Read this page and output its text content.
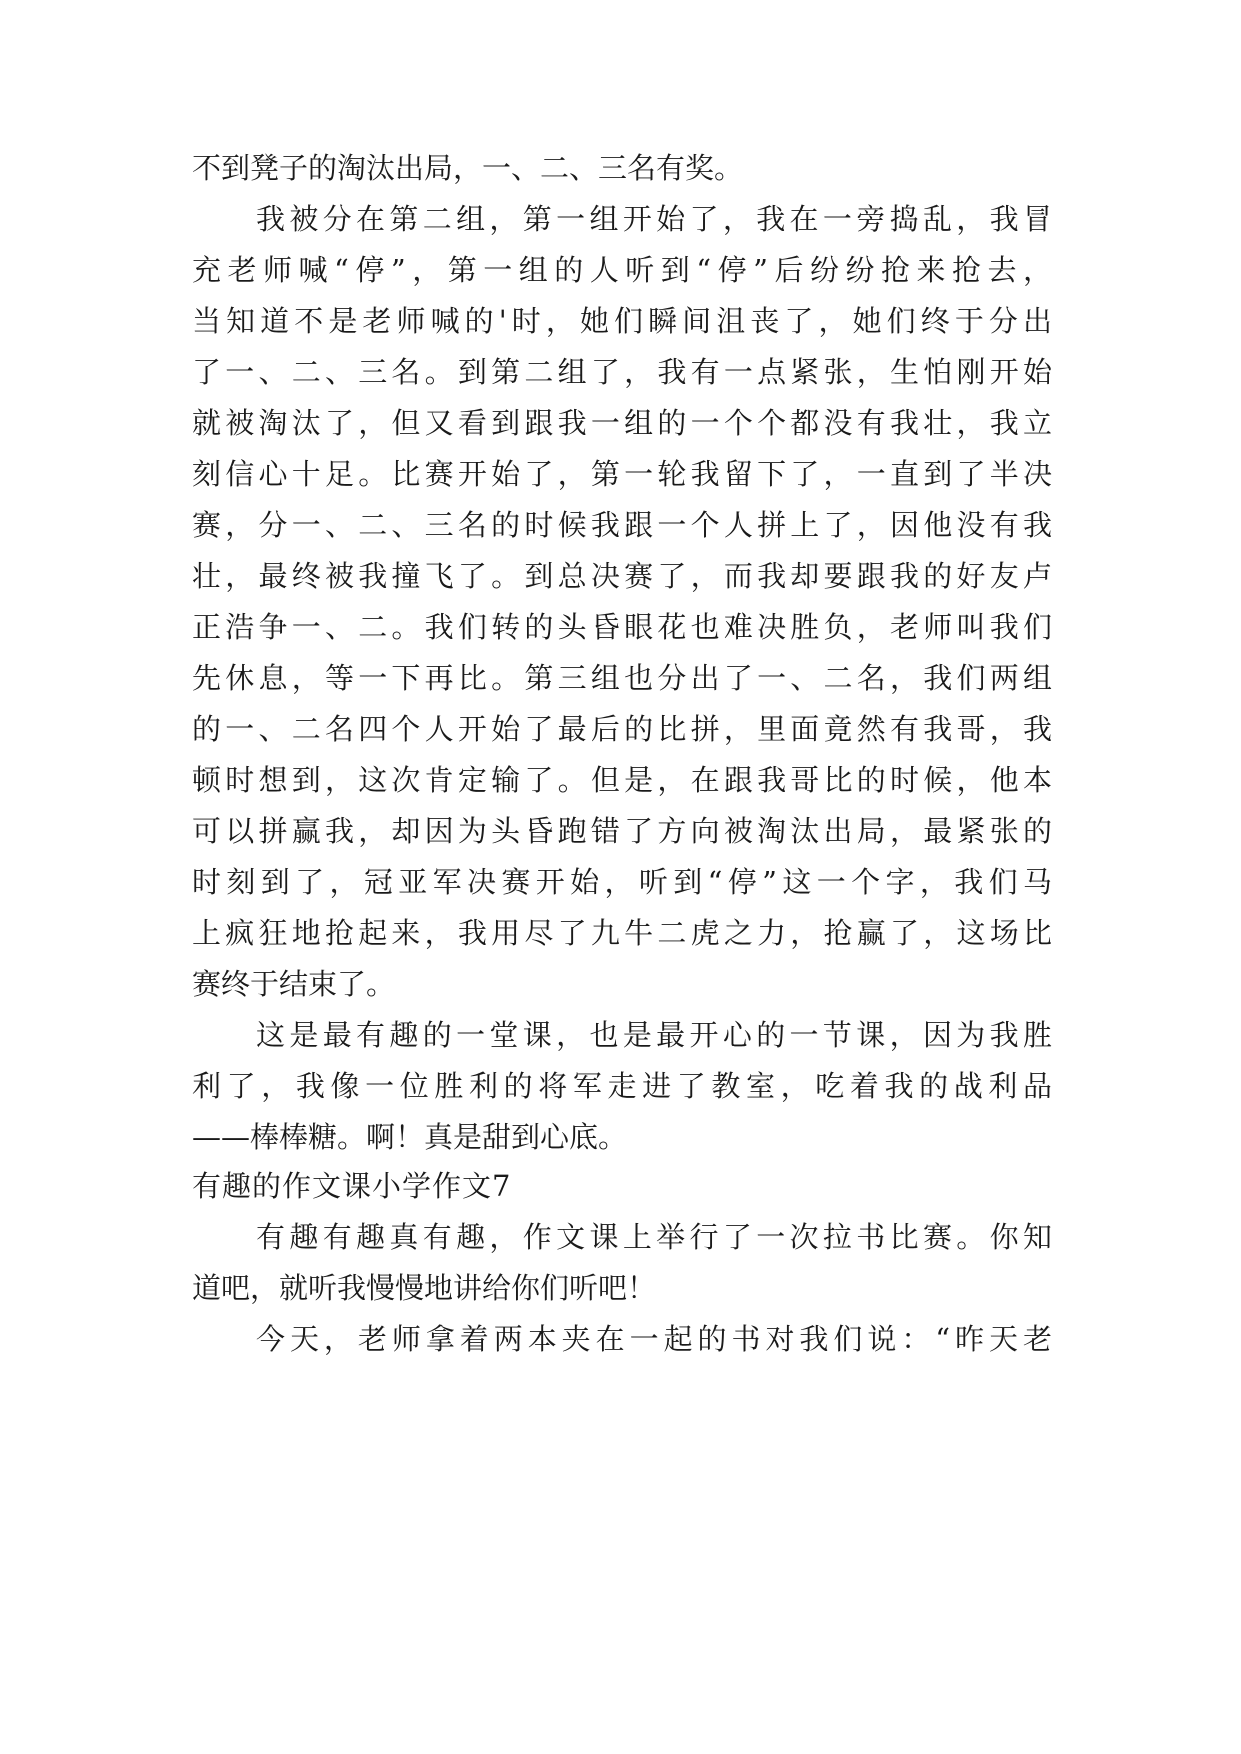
不到凳子的淘汰出局，一、二、三名有奖。
我被分在第二组，第一组开始了，我在一旁捣乱，我冒
充老师喊“停”，第一组的人听到“停”后纷纷抢来抢去，
当知道不是老师喊的'时，她们瞬间沮丧了，她们终于分出
了一、二、三名。到第二组了，我有一点紧张，生怕刚开始
就被淘汰了，但又看到跟我一组的一个个都没有我壮，我立
刻信心十足。比赛开始了，第一轮我留下了，一直到了半决
赛，分一、二、三名的时候我跟一个人拼上了，因他没有我
壮，最终被我撞飞了。到总决赛了，而我却要跟我的好友卢
正浩争一、二。我们转的头昏眼花也难决胜负，老师叫我们
先休息，等一下再比。第三组也分出了一、二名，我们两组
的一、二名四个人开始了最后的比拼，里面竟然有我哥，我
顿时想到，这次肯定输了。但是，在跟我哥比的时候，他本
可以拼赢我，却因为头昏跑错了方向被淘汰出局，最紧张的
时刻到了，冠亚军决赛开始，听到“停”这一个字，我们马
上疯狂地抢起来，我用尽了九牛二虎之力，抢赢了，这场比
赛终于结束了。
这是最有趣的一堂课，也是最开心的一节课，因为我胜
利了，我像一位胜利的将军走进了教室，吃着我的战利品
——棒棒糖。啊！真是甜到心底。
有趣的作文课小学作文7
有趣有趣真有趣，作文课上举行了一次拉书比赛。你知
道吧，就听我慢慢地讲给你们听吧！
今天，老师拿着两本夹在一起的书对我们说：“昨天老
